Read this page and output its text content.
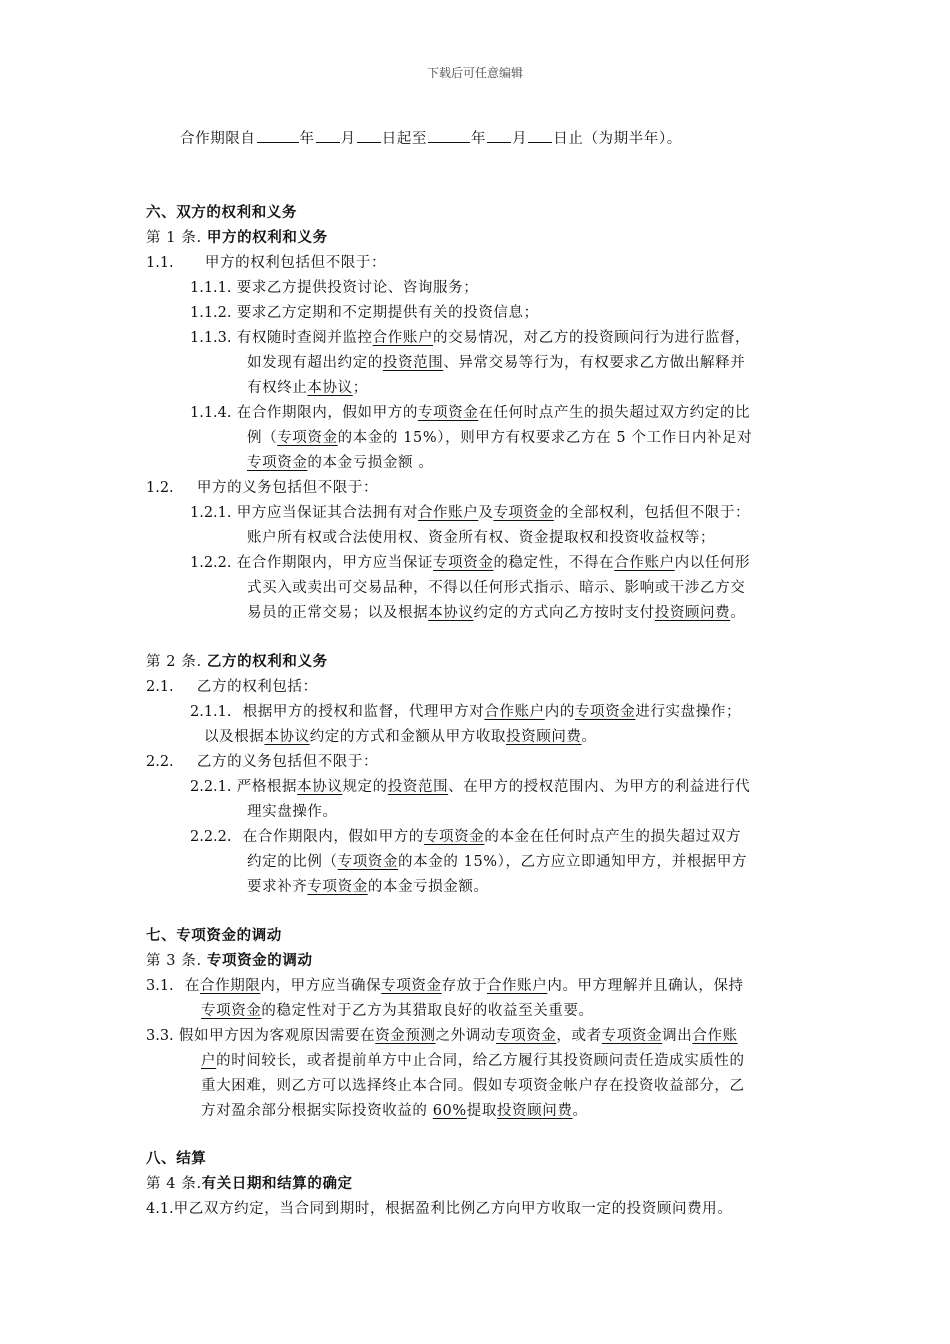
下载后可任意编辑
合作期限自	年 月 日起至	年 月 日止（为期半年）。
六、双方的权利和义务
第 1 条. 甲方的权利和义务
1.1. 甲方的权利包括但不限于：
1.1.1. 要求乙方提供投资讨论、咨询服务；
1.1.2. 要求乙方定期和不定期提供有关的投资信息；
1.1.3. 有权随时查阅并监控合作账户的交易情况，对乙方的投资顾问行为进行监督，
如发现有超出约定的投资范围、异常交易等行为，有权要求乙方做出解释并
有权终止本协议；
1.1.4. 在合作期限内，假如甲方的专项资金在任何时点产生的损失超过双方约定的比
例（专项资金的本金的 15%），则甲方有权要求乙方在 5 个工作日内补足对
专项资金的本金亏损金额 。
1.2. 甲方的义务包括但不限于：
1.2.1. 甲方应当保证其合法拥有对合作账户及专项资金的全部权利，包括但不限于：
账户所有权或合法使用权、资金所有权、资金提取权和投资收益权等；
1.2.2. 在合作期限内，甲方应当保证专项资金的稳定性，不得在合作账户内以任何形
式买入或卖出可交易品种，不得以任何形式指示、暗示、影响或干涉乙方交
易员的正常交易；以及根据本协议约定的方式向乙方按时支付投资顾问费。
第 2 条. 乙方的权利和义务
2.1. 乙方的权利包括：
2.1.1. 根据甲方的授权和监督，代理甲方对合作账户内的专项资金进行实盘操作；
以及根据本协议约定的方式和金额从甲方收取投资顾问费。
2.2. 乙方的义务包括但不限于：
2.2.1. 严格根据本协议规定的投资范围、在甲方的授权范围内、为甲方的利益进行代
理实盘操作。
2.2.2. 在合作期限内，假如甲方的专项资金的本金在任何时点产生的损失超过双方
约定的比例（专项资金的本金的 15%），乙方应立即通知甲方，并根据甲方
要求补齐专项资金的本金亏损金额。
七、专项资金的调动
第 3 条. 专项资金的调动
3.1. 在合作期限内，甲方应当确保专项资金存放于合作账户内。甲方理解并且确认，保持
专项资金的稳定性对于乙方为其猎取良好的收益至关重要。
3.3. 假如甲方因为客观原因需要在资金预测之外调动专项资金，或者专项资金调出合作账
户的时间较长，或者提前单方中止合同，给乙方履行其投资顾问责任造成实质性的
重大困难，则乙方可以选择终止本合同。假如专项资金帐户存在投资收益部分，乙
方对盈余部分根据实际投资收益的 60%提取投资顾问费。
八、结算
第 4 条.有关日期和结算的确定
4.1.甲乙双方约定，当合同到期时，根据盈利比例乙方向甲方收取一定的投资顾问费用。
